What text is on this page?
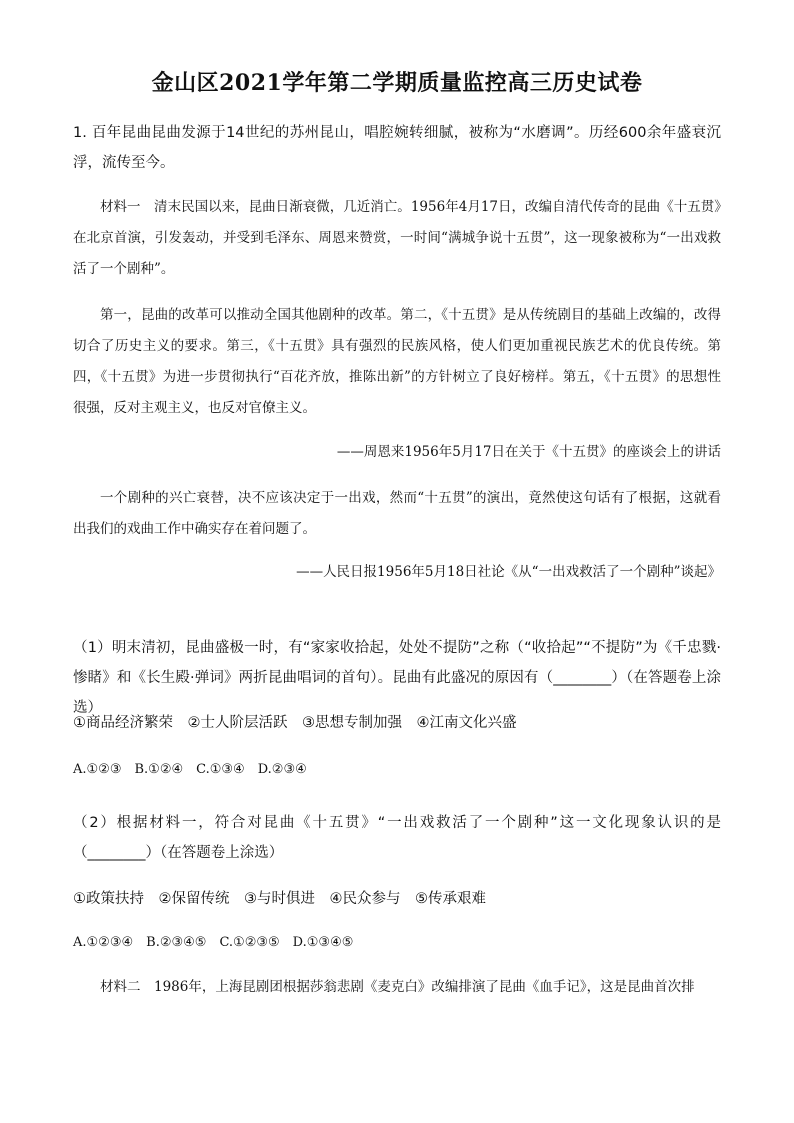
金山区2021学年第二学期质量监控高三历史试卷

1. 百年昆曲昆曲发源于14世纪的苏州昆山，唱腔婉转细腻，被称为“水磨调”。历经600余年盛衰沉浮，流传至今。

材料一　清末民国以来，昆曲日渐衰微，几近消亡。1956年4月17日，改编自清代传奇的昆曲《十五贯》在北京首演，引发轰动，并受到毛泽东、周恩来赞赏，一时间“满城争说十五贯”，这一现象被称为“一出戏救活了一个剧种”。

第一，昆曲的改革可以推动全国其他剧种的改革。第二，《十五贯》是从传统剧目的基础上改编的，改得切合了历史主义的要求。第三，《十五贯》具有强烈的民族风格，使人们更加重视民族艺术的优良传统。第四，《十五贯》为进一步贯彻执行“百花齐放，推陈出新”的方针树立了良好榜样。第五，《十五贯》的思想性很强，反对主观主义，也反对官僚主义。

——周恩来1956年5月17日在关于《十五贯》的座谈会上的讲话

一个剧种的兴亡衰替，决不应该决定于一出戏，然而“十五贯”的演出，竟然使这句话有了根据，这就看出我们的戏曲工作中确实存在着问题了。

——人民日报1956年5月18日社论《从“一出戏救活了一个剧种”谈起》

（1）明末清初，昆曲盛极一时，有“家家收拾起，处处不提防”之称（“收拾起”“不提防”为《千忠戮·惨睹》和《长生殿·弹词》两折昆曲唱词的首句）。昆曲有此盛况的原因有（________）（在答题卷上涂选）

①商品经济繁荣　②士人阶层活跃　③思想专制加强　④江南文化兴盛

A.①②③　B.①②④　C.①③④　D.②③④

（2）根据材料一，符合对昆曲《十五贯》“一出戏救活了一个剧种”这一文化现象认识的是（________）（在答题卷上涂选）

①政策扶持　②保留传统　③与时俱进　④民众参与　⑤传承艰难

A.①②③④　B.②③④⑤　C.①②③⑤　D.①③④⑤

材料二　1986年，上海昆剧团根据莎翁悲剧《麦克白》改编排演了昆曲《血手记》，这是昆曲首次排
